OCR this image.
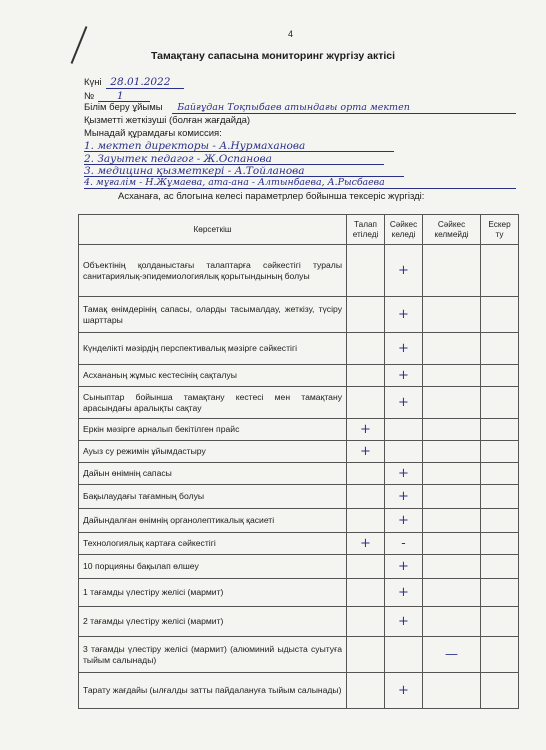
4
Тамақтану сапасына мониторинг жүргізу актісі
Күні 28.01.2022
№ 1
Білім беру ұйымы Байғұдан Тоқпыбаев атындағы орта мектеп
Қызметті жеткізуші (болған жағдайда)
Мынадай құрамдағы комиссия:
1. мектеп директоры - А.Нурмаханова
2. Зауытек педагог - Ж.Оспанова
3. медицина қызметкері - А.Тойланова
4. мұғалім - Н.Жұмаева, ата-ана - Алтынбаева, А.Рысбаева
Асханаға, ас блогына келесі параметрлер бойынша тексеріс жүргізді:
Көрсеткіш	Талап етіледі	Сәйкес келеді	Сәйкес келмейді	Ескер ту
Объектінің қолданыстағы талаптарға сәйкестігі туралы санитариялық-эпидемиологиялық қорытындының болуы		+		
Тамақ өнімдерінің сапасы, оларды тасымалдау, жеткізу, түсіру шарттары		+		
Күнделікті мәзірдің перспективалық мәзірге сәйкестігі		+		
Асхананың жұмыс кестесінің сақталуы		+		
Сыныптар бойынша тамақтану кестесі мен тамақтану арасындағы аралықты сақтау		+		
Еркін мәзірге арналып бекітілген прайс	+			
Ауыз су режимін ұйымдастыру	+			
Дайын өнімнің сапасы		+		
Бақылаудағы тағамның болуы		+		
Дайындалған өнімнің органолептикалық қасиеті		+		
Технологиялық картаға сәйкестігі	+	-		
10 порцияны бақылап өлшеу		+		
1 тағамды үлестіру желісі (мармит)		+		
2 тағамды үлестіру желісі (мармит)		+		
3 тағамды үлестіру желісі (мармит) (алюминий ыдыста суытуға тыйым салынады)			—	
Тарату жағдайы (ылғалды затты пайдалануға тыйым салынады)		+		
